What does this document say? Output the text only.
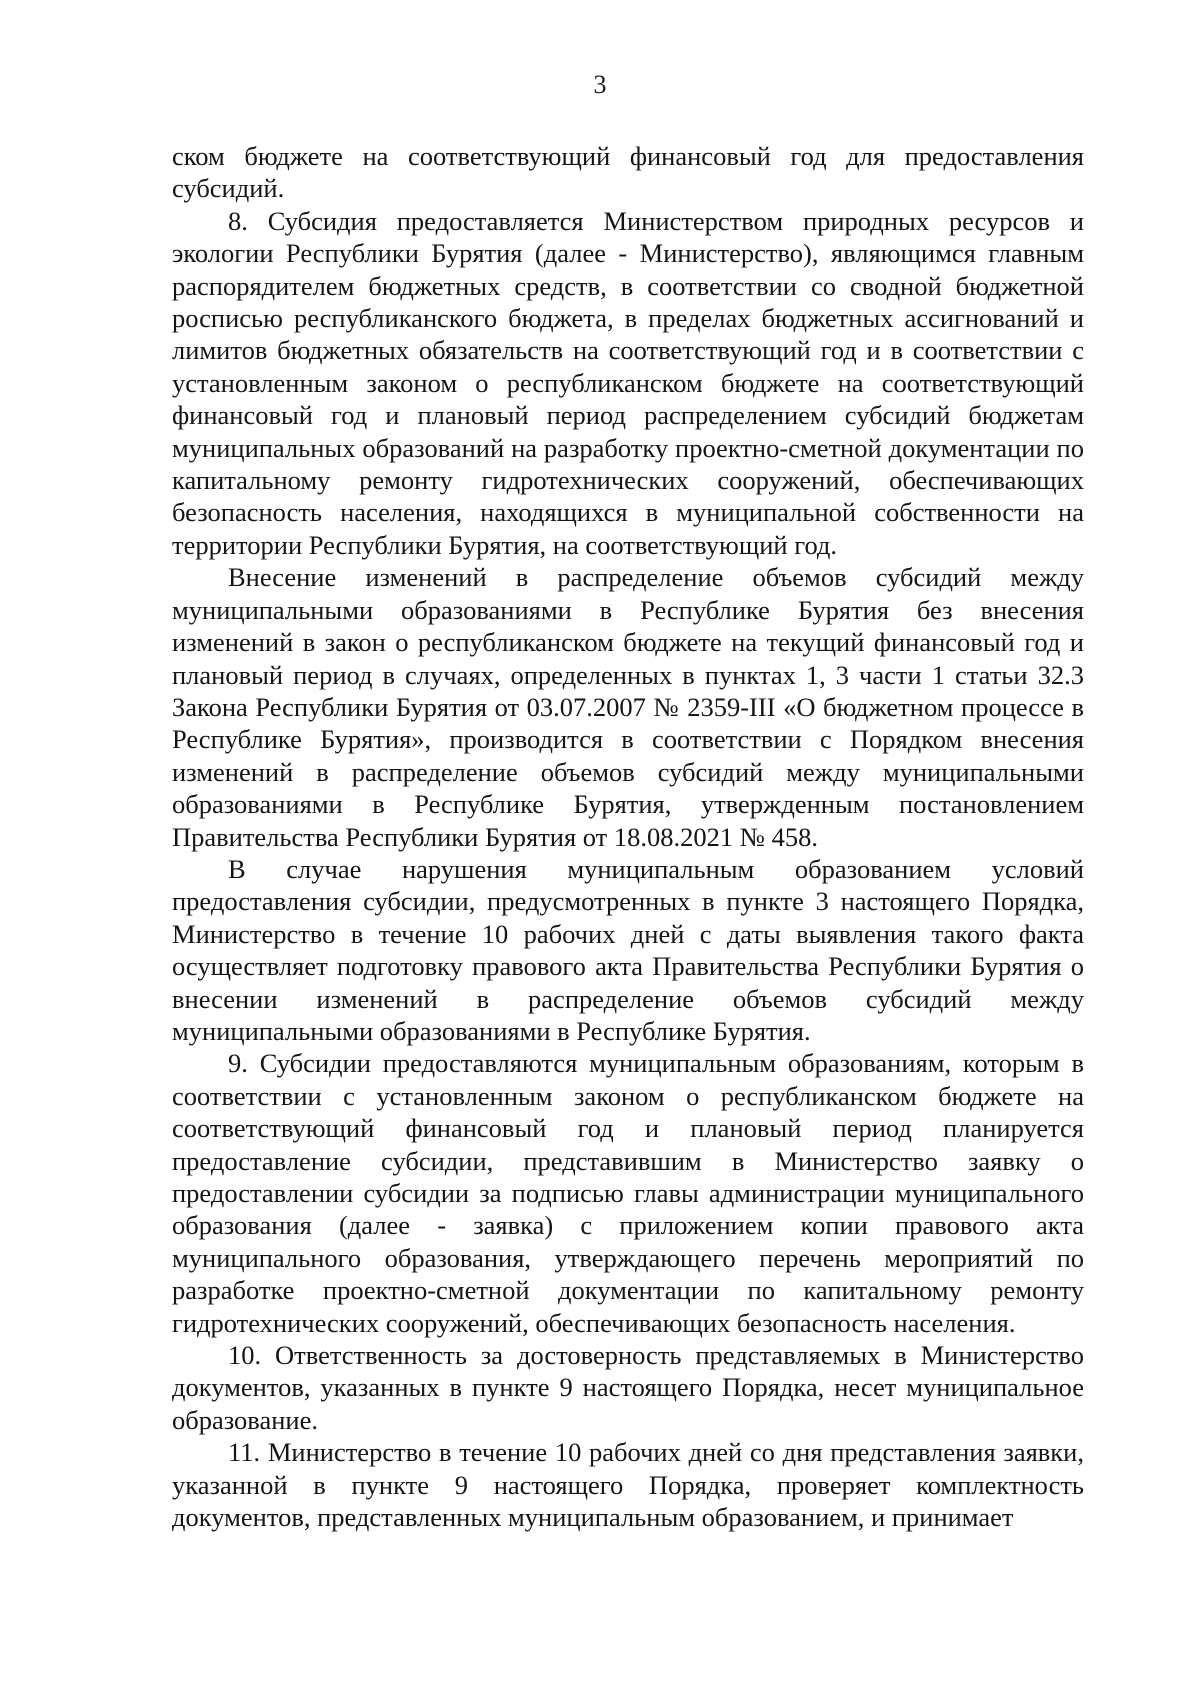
3

ском бюджете на соответствующий финансовый год для предоставления субсидий.

8. Субсидия предоставляется Министерством природных ресурсов и экологии Республики Бурятия (далее - Министерство), являющимся главным распорядителем бюджетных средств, в соответствии со сводной бюджетной росписью республиканского бюджета, в пределах бюджетных ассигнований и лимитов бюджетных обязательств на соответствующий год и в соответствии с установленным законом о республиканском бюджете на соответствующий финансовый год и плановый период распределением субсидий бюджетам муниципальных образований на разработку проектно-сметной документации по капитальному ремонту гидротехнических сооружений, обеспечивающих безопасность населения, находящихся в муниципальной собственности на территории Республики Бурятия, на соответствующий год.

Внесение изменений в распределение объемов субсидий между муниципальными образованиями в Республике Бурятия без внесения изменений в закон о республиканском бюджете на текущий финансовый год и плановый период в случаях, определенных в пунктах 1, 3 части 1 статьи 32.3 Закона Республики Бурятия от 03.07.2007 № 2359-III «О бюджетном процессе в Республике Бурятия», производится в соответствии с Порядком внесения изменений в распределение объемов субсидий между муниципальными образованиями в Республике Бурятия, утвержденным постановлением Правительства Республики Бурятия от 18.08.2021 № 458.

В случае нарушения муниципальным образованием условий предоставления субсидии, предусмотренных в пункте 3 настоящего Порядка, Министерство в течение 10 рабочих дней с даты выявления такого факта осуществляет подготовку правового акта Правительства Республики Бурятия о внесении изменений в распределение объемов субсидий между муниципальными образованиями в Республике Бурятия.

9. Субсидии предоставляются муниципальным образованиям, которым в соответствии с установленным законом о республиканском бюджете на соответствующий финансовый год и плановый период планируется предоставление субсидии, представившим в Министерство заявку о предоставлении субсидии за подписью главы администрации муниципального образования (далее - заявка) с приложением копии правового акта муниципального образования, утверждающего перечень мероприятий по разработке проектно-сметной документации по капитальному ремонту гидротехнических сооружений, обеспечивающих безопасность населения.

10. Ответственность за достоверность представляемых в Министерство документов, указанных в пункте 9 настоящего Порядка, несет муниципальное образование.

11. Министерство в течение 10 рабочих дней со дня представления заявки, указанной в пункте 9 настоящего Порядка, проверяет комплектность документов, представленных муниципальным образованием, и принимает
